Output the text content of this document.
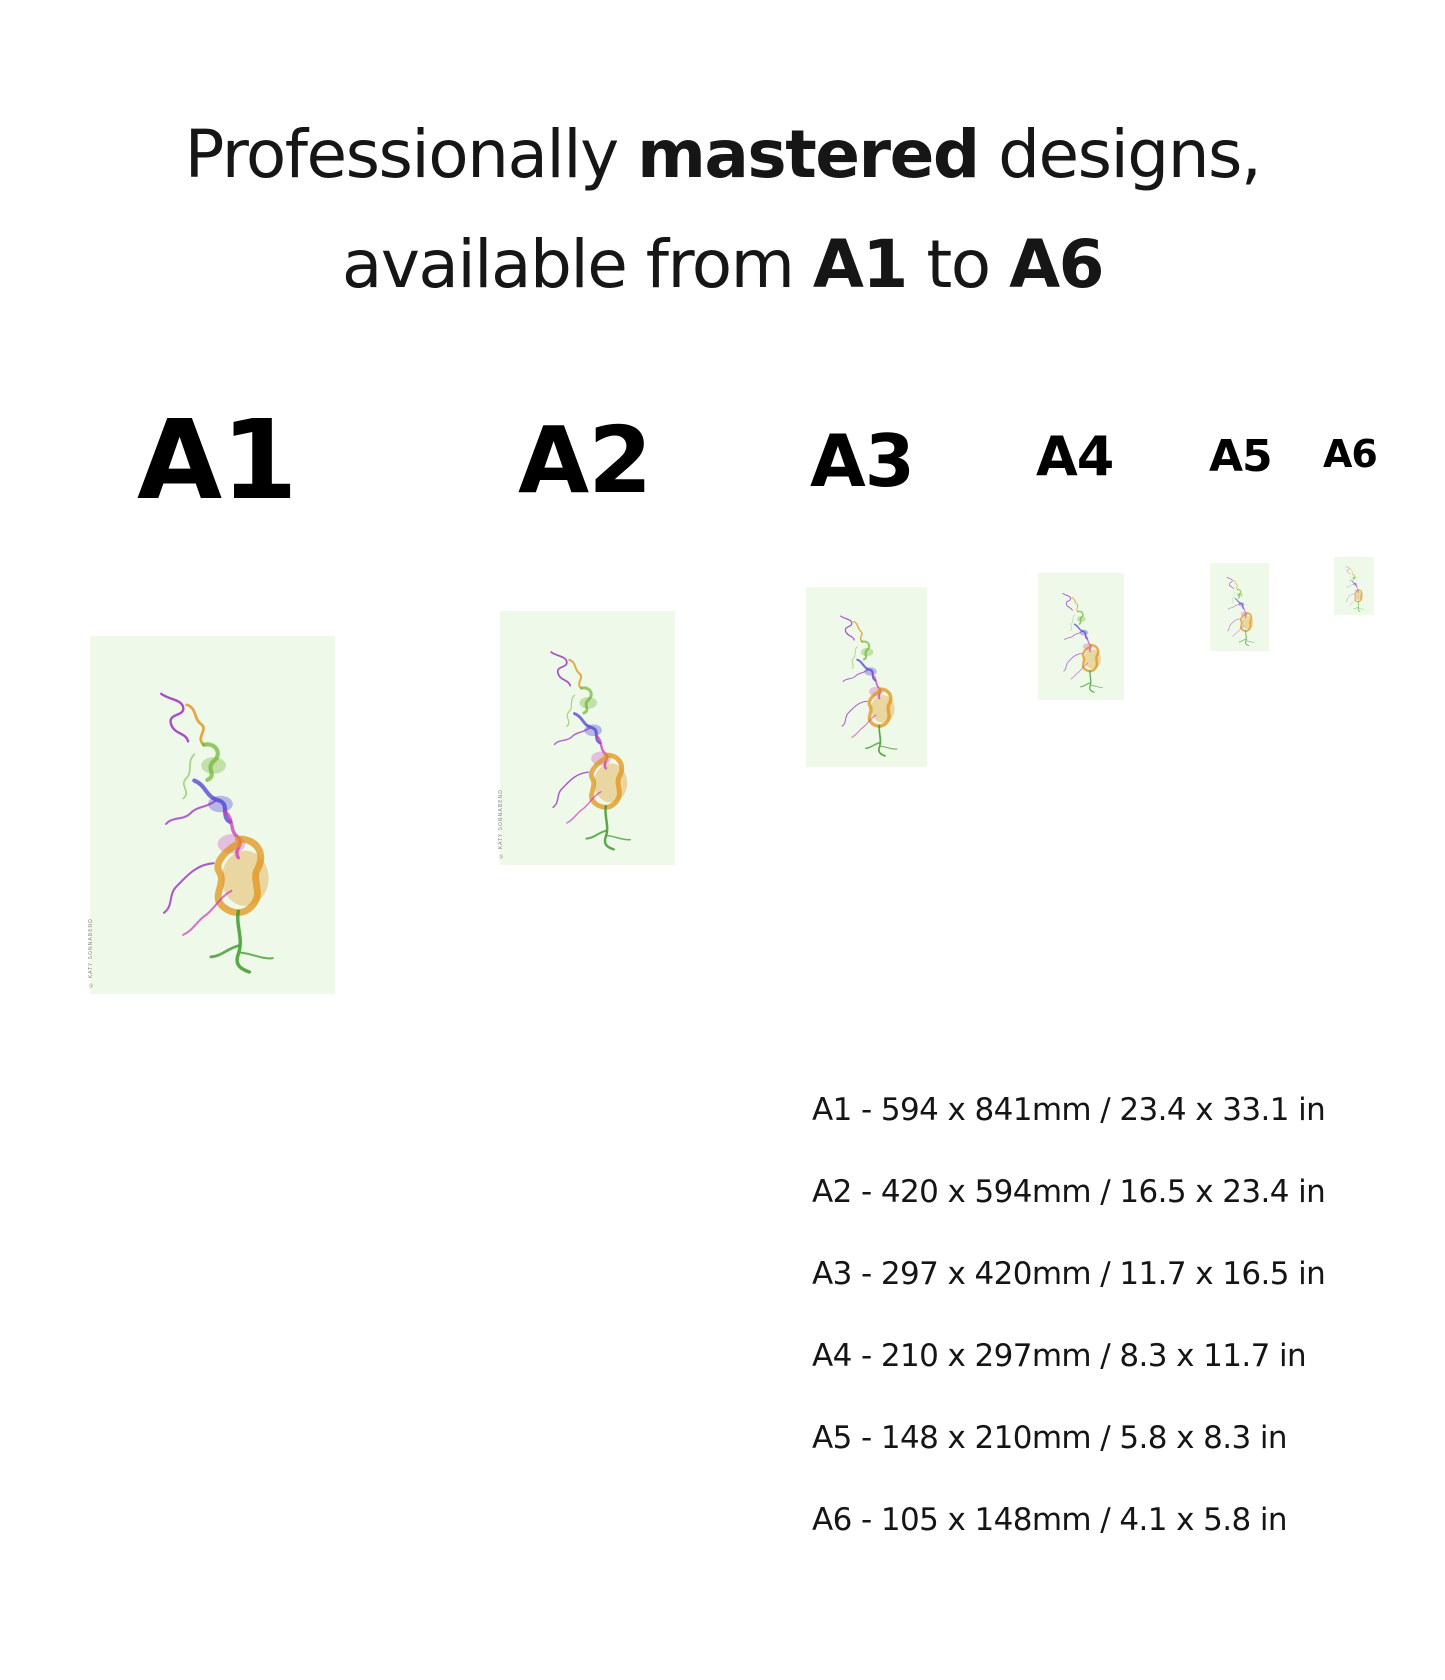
Professionally mastered designs,
available from A1 to A6
A1 A2 A3 A4 A5 A6
© KATY SONNABEND
© KATY SONNABEND
A1 - 594 x 841mm / 23.4 x 33.1 in
A2 - 420 x 594mm / 16.5 x 23.4 in
A3 - 297 x 420mm / 11.7 x 16.5 in
A4 - 210 x 297mm / 8.3 x 11.7 in
A5 - 148 x 210mm / 5.8 x 8.3 in
A6 - 105 x 148mm / 4.1 x 5.8 in
